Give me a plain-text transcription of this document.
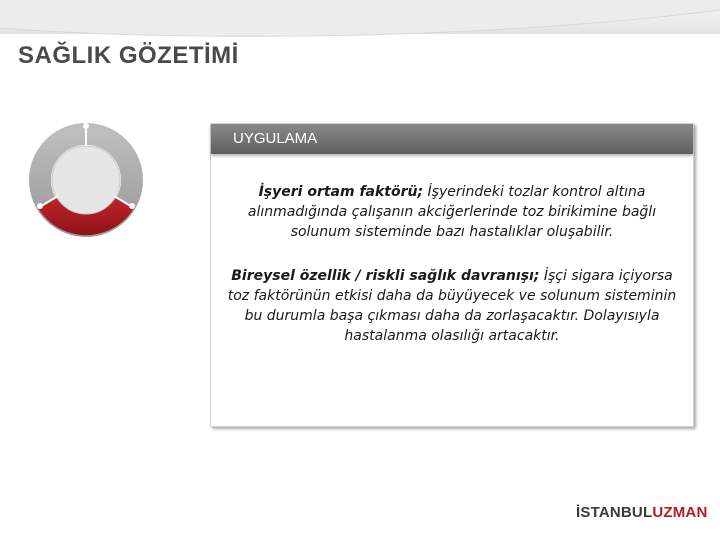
SAĞLIK GÖZETİMİ
UYGULAMA

İşyeri ortam faktörü; İşyerindeki tozlar kontrol altına alınmadığında çalışanın akciğerlerinde toz birikimine bağlı solunum sisteminde bazı hastalıklar oluşabilir.

Bireysel özellik / riskli sağlık davranışı; İşçi sigara içiyorsa toz faktörünün etkisi daha da büyüyecek ve solunum sisteminin bu durumla başa çıkması daha da zorlaşacaktır. Dolayısıyla hastalanma olasılığı artacaktır.

İSTANBULUZMAN
